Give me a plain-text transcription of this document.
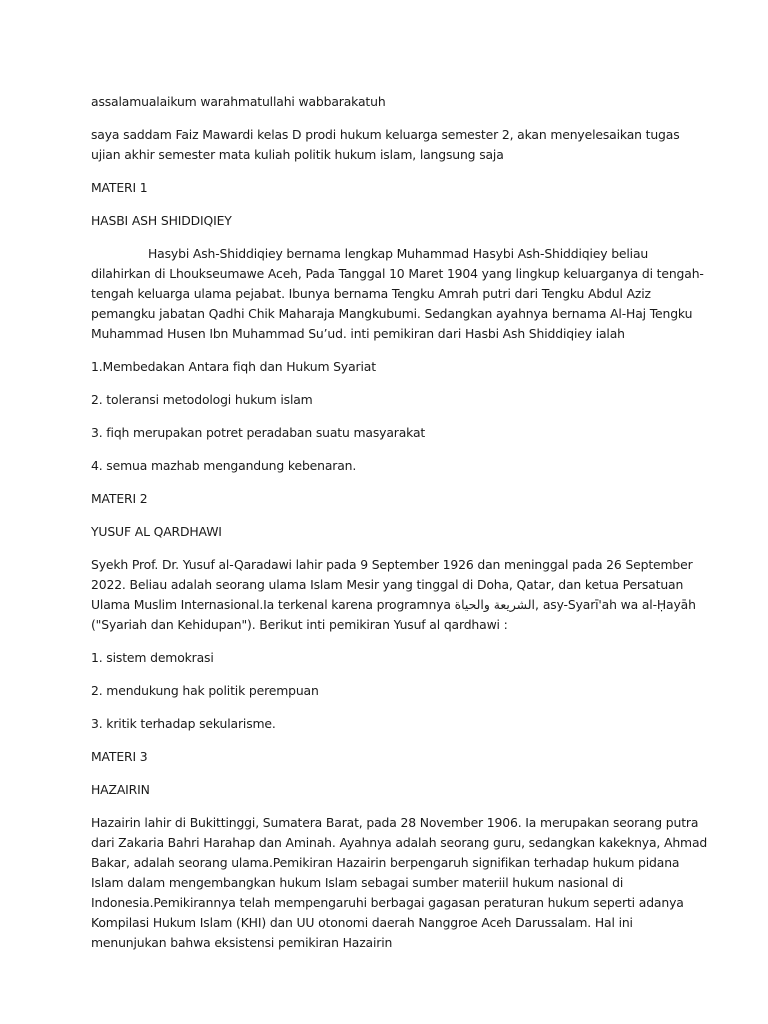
assalamualaikum warahmatullahi wabbarakatuh

saya saddam Faiz Mawardi kelas D prodi hukum keluarga semester 2, akan menyelesaikan tugas ujian akhir semester mata kuliah politik hukum islam, langsung saja

MATERI 1

HASBI ASH SHIDDIQIEY

Hasybi Ash-Shiddiqiey bernama lengkap Muhammad Hasybi Ash-Shiddiqiey beliau dilahirkan di Lhoukseumawe Aceh, Pada Tanggal 10 Maret 1904 yang lingkup keluarganya di tengah-tengah keluarga ulama pejabat. Ibunya bernama Tengku Amrah putri dari Tengku Abdul Aziz pemangku jabatan Qadhi Chik Maharaja Mangkubumi. Sedangkan ayahnya bernama Al-Haj Tengku Muhammad Husen Ibn Muhammad Su’ud. inti pemikiran dari Hasbi Ash Shiddiqiey ialah

1.Membedakan Antara fiqh dan Hukum Syariat

2. toleransi metodologi hukum islam

3. fiqh merupakan potret peradaban suatu masyarakat

4. semua mazhab mengandung kebenaran.

MATERI 2

YUSUF AL QARDHAWI

Syekh Prof. Dr. Yusuf al-Qaradawi lahir pada 9 September 1926 dan meninggal pada 26 September 2022. Beliau adalah seorang ulama Islam Mesir yang tinggal di Doha, Qatar, dan ketua Persatuan Ulama Muslim Internasional.Ia terkenal karena programnya الشريعة والحياة, asy-Syarī'ah wa al-Ḥayāh ("Syariah dan Kehidupan"). Berikut inti pemikiran Yusuf al qardhawi :

1. sistem demokrasi

2. mendukung hak politik perempuan

3. kritik terhadap sekularisme.

MATERI 3

HAZAIRIN

Hazairin lahir di Bukittinggi, Sumatera Barat, pada 28 November 1906. Ia merupakan seorang putra dari Zakaria Bahri Harahap dan Aminah. Ayahnya adalah seorang guru, sedangkan kakeknya, Ahmad Bakar, adalah seorang ulama.Pemikiran Hazairin berpengaruh signifikan terhadap hukum pidana Islam dalam mengembangkan hukum Islam sebagai sumber materiil hukum nasional di Indonesia.Pemikirannya telah mempengaruhi berbagai gagasan peraturan hukum seperti adanya Kompilasi Hukum Islam (KHI) dan UU otonomi daerah Nanggroe Aceh Darussalam. Hal ini menunjukan bahwa eksistensi pemikiran Hazairin
